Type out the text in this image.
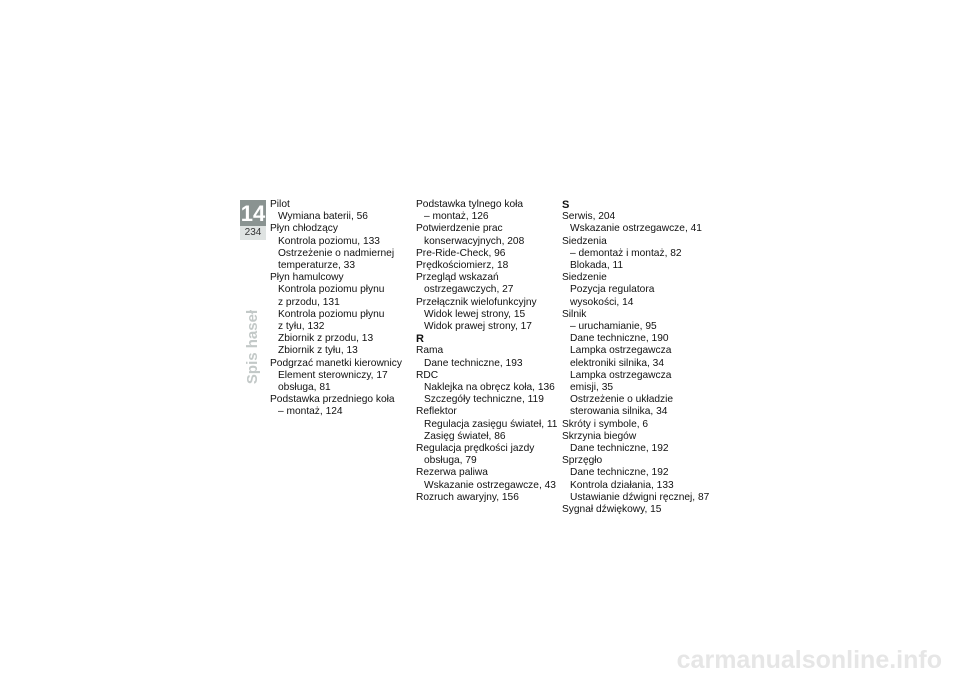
14
234
Spis haseł
Pilot
Wymiana baterii, 56
Płyn chłodzący
Kontrola poziomu, 133
Ostrzeżenie o nadmiernej
temperaturze, 33
Płyn hamulcowy
Kontrola poziomu płynu
z przodu, 131
Kontrola poziomu płynu
z tyłu, 132
Zbiornik z przodu, 13
Zbiornik z tyłu, 13
Podgrzać manetki kierownicy
Element sterowniczy, 17
obsługa, 81
Podstawka przedniego koła
– montaż, 124
Podstawka tylnego koła
– montaż, 126
Potwierdzenie prac
konserwacyjnych, 208
Pre-Ride-Check, 96
Prędkościomierz, 18
Przegląd wskazań
ostrzegawczych, 27
Przełącznik wielofunkcyjny
Widok lewej strony, 15
Widok prawej strony, 17
R
Rama
Dane techniczne, 193
RDC
Naklejka na obręcz koła, 136
Szczegóły techniczne, 119
Reflektor
Regulacja zasięgu świateł, 11
Zasięg świateł, 86
Regulacja prędkości jazdy
obsługa, 79
Rezerwa paliwa
Wskazanie ostrzegawcze, 43
Rozruch awaryjny, 156
S
Serwis, 204
Wskazanie ostrzegawcze, 41
Siedzenia
– demontaż i montaż, 82
Blokada, 11
Siedzenie
Pozycja regulatora
wysokości, 14
Silnik
– uruchamianie, 95
Dane techniczne, 190
Lampka ostrzegawcza
elektroniki silnika, 34
Lampka ostrzegawcza
emisji, 35
Ostrzeżenie o układzie
sterowania silnika, 34
Skróty i symbole, 6
Skrzynia biegów
Dane techniczne, 192
Sprzęgło
Dane techniczne, 192
Kontrola działania, 133
Ustawianie dźwigni ręcznej, 87
Sygnał dźwiękowy, 15
carmanualsonline.info
